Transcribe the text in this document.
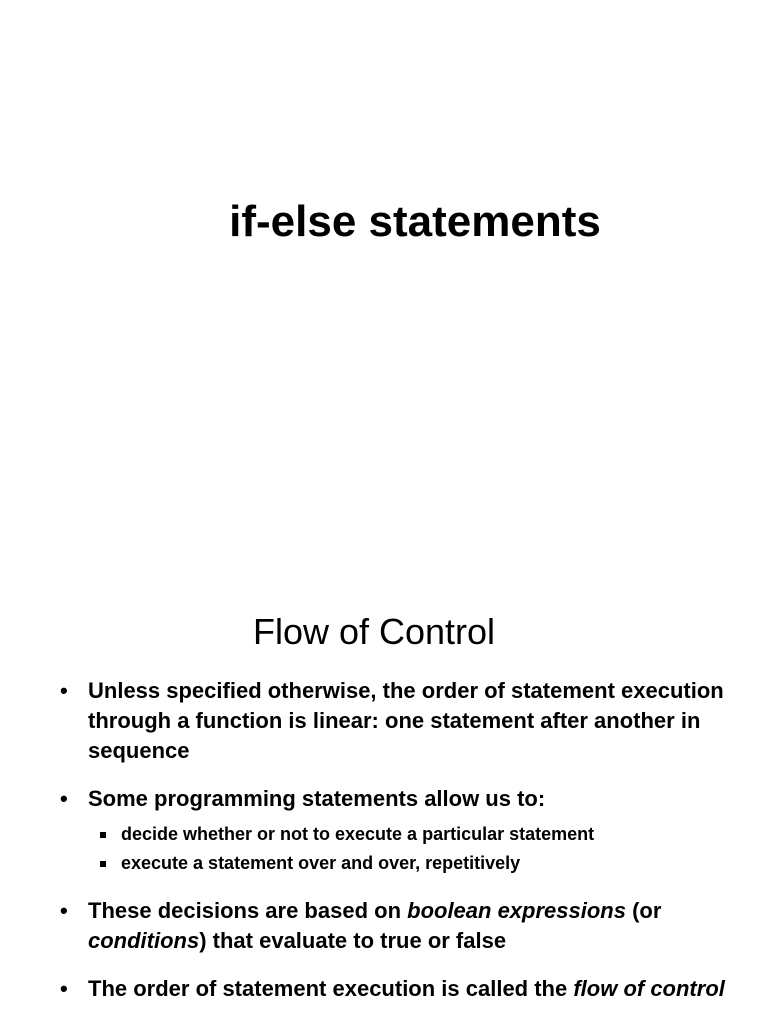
if-else statements
Flow of Control
• Unless specified otherwise, the order of statement execution through a function is linear: one statement after another in sequence
• Some programming statements allow us to:
decide whether or not to execute a particular statement
execute a statement over and over, repetitively
• These decisions are based on boolean expressions (or conditions) that evaluate to true or false
• The order of statement execution is called the flow of control
